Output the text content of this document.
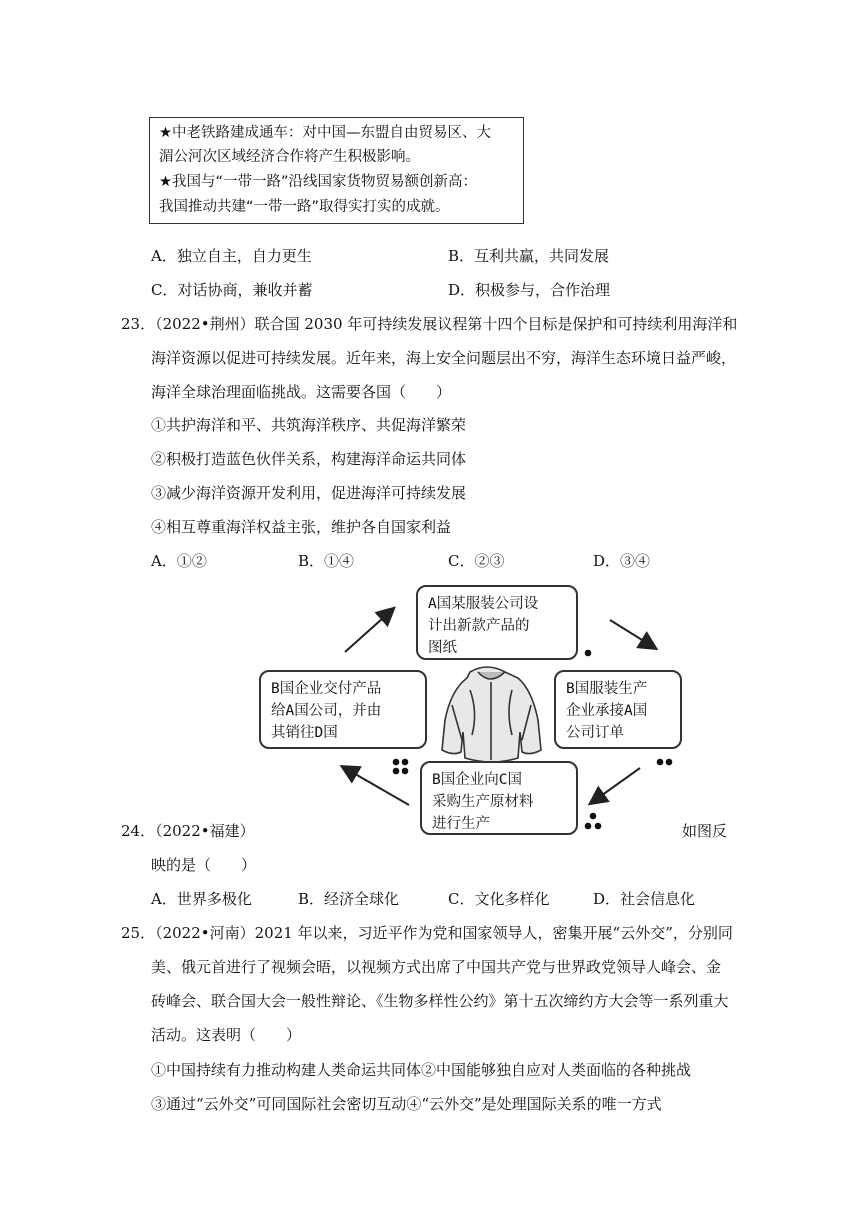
★中老铁路建成通车：对中国—东盟自由贸易区、大
湄公河次区域经济合作将产生积极影响。
★我国与“一带一路”沿线国家货物贸易额创新高：
我国推动共建“一带一路”取得实打实的成就。
A．独立自主，自力更生	B．互利共赢，共同发展
C．对话协商，兼收并蓄	D．积极参与，合作治理
23．（2022•荆州）联合国 2030 年可持续发展议程第十四个目标是保护和可持续利用海洋和
海洋资源以促进可持续发展。近年来，海上安全问题层出不穷，海洋生态环境日益严峻，
海洋全球治理面临挑战。这需要各国（　　）
①共护海洋和平、共筑海洋秩序、共促海洋繁荣
②积极打造蓝色伙伴关系，构建海洋命运共同体
③减少海洋资源开发利用，促进海洋可持续发展
④相互尊重海洋权益主张，维护各自国家利益
A．①②	B．①④	C．②③	D．③④
A国某服装公司设
计出新款产品的
图纸
B国服装生产
企业承接A国
公司订单
B国企业向C国
采购生产原材料
进行生产
B国企业交付产品
给A国公司，并由
其销往D国
24．（2022•福建）	如图反
映的是（　　）
A．世界多极化	B．经济全球化	C．文化多样化	D．社会信息化
25．（2022•河南）2021 年以来，习近平作为党和国家领导人，密集开展“云外交”，分别同
美、俄元首进行了视频会晤，以视频方式出席了中国共产党与世界政党领导人峰会、金
砖峰会、联合国大会一般性辩论、《生物多样性公约》第十五次缔约方大会等一系列重大
活动。这表明（　　）
①中国持续有力推动构建人类命运共同体②中国能够独自应对人类面临的各种挑战
③通过“云外交”可同国际社会密切互动④“云外交”是处理国际关系的唯一方式
